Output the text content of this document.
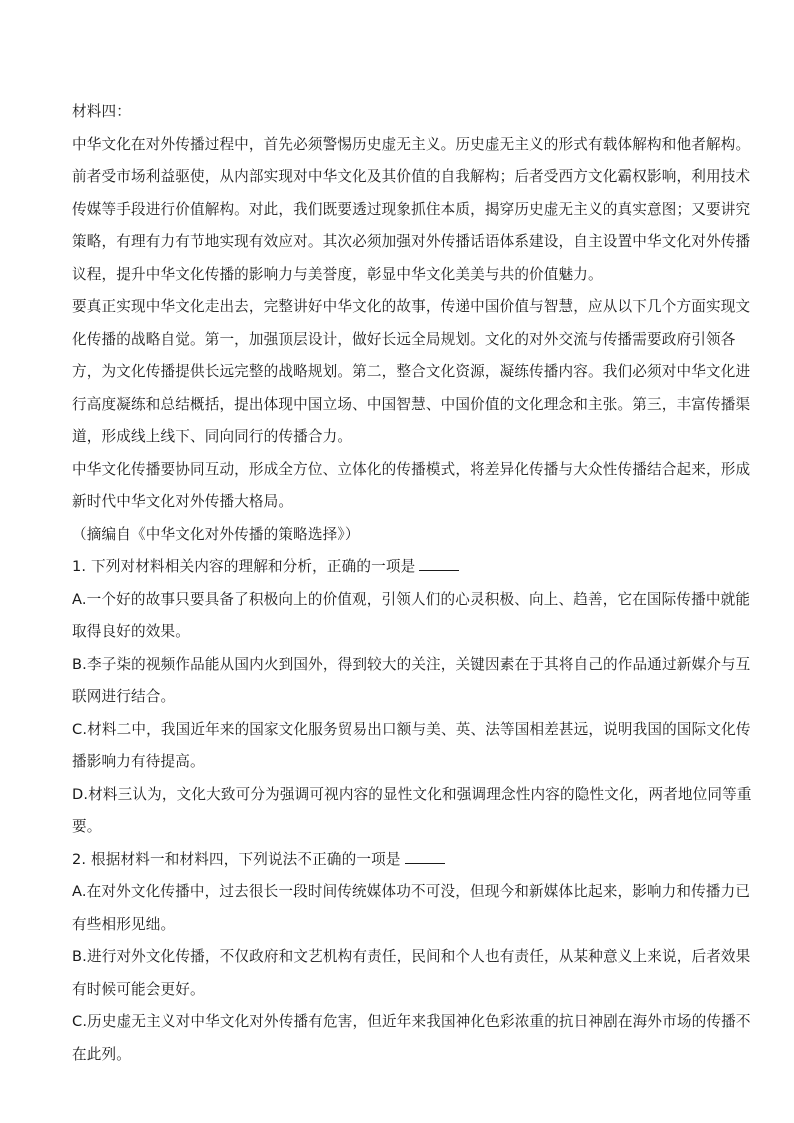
材料四：
中华文化在对外传播过程中，首先必须警惕历史虚无主义。历史虚无主义的形式有载体解构和他者解构。
前者受市场利益驱使，从内部实现对中华文化及其价值的自我解构；后者受西方文化霸权影响，利用技术
传媒等手段进行价值解构。对此，我们既要透过现象抓住本质，揭穿历史虚无主义的真实意图；又要讲究
策略，有理有力有节地实现有效应对。其次必须加强对外传播话语体系建设，自主设置中华文化对外传播
议程，提升中华文化传播的影响力与美誉度，彰显中华文化美美与共的价值魅力。
要真正实现中华文化走出去，完整讲好中华文化的故事，传递中国价值与智慧，应从以下几个方面实现文
化传播的战略自觉。第一，加强顶层设计，做好长远全局规划。文化的对外交流与传播需要政府引领各
方，为文化传播提供长远完整的战略规划。第二，整合文化资源，凝练传播内容。我们必须对中华文化进
行高度凝练和总结概括，提出体现中国立场、中国智慧、中国价值的文化理念和主张。第三，丰富传播渠
道，形成线上线下、同向同行的传播合力。
中华文化传播要协同互动，形成全方位、立体化的传播模式，将差异化传播与大众性传播结合起来，形成
新时代中华文化对外传播大格局。
（摘编自《中华文化对外传播的策略选择》）
1. 下列对材料相关内容的理解和分析，正确的一项是
A.一个好的故事只要具备了积极向上的价值观，引领人们的心灵积极、向上、趋善，它在国际传播中就能
取得良好的效果。
B.李子柒的视频作品能从国内火到国外，得到较大的关注，关键因素在于其将自己的作品通过新媒介与互
联网进行结合。
C.材料二中，我国近年来的国家文化服务贸易出口额与美、英、法等国相差甚远，说明我国的国际文化传
播影响力有待提高。
D.材料三认为，文化大致可分为强调可视内容的显性文化和强调理念性内容的隐性文化，两者地位同等重
要。
2. 根据材料一和材料四，下列说法不正确的一项是
A.在对外文化传播中，过去很长一段时间传统媒体功不可没，但现今和新媒体比起来，影响力和传播力已
有些相形见绌。
B.进行对外文化传播，不仅政府和文艺机构有责任，民间和个人也有责任，从某种意义上来说，后者效果
有时候可能会更好。
C.历史虚无主义对中华文化对外传播有危害，但近年来我国神化色彩浓重的抗日神剧在海外市场的传播不
在此列。
